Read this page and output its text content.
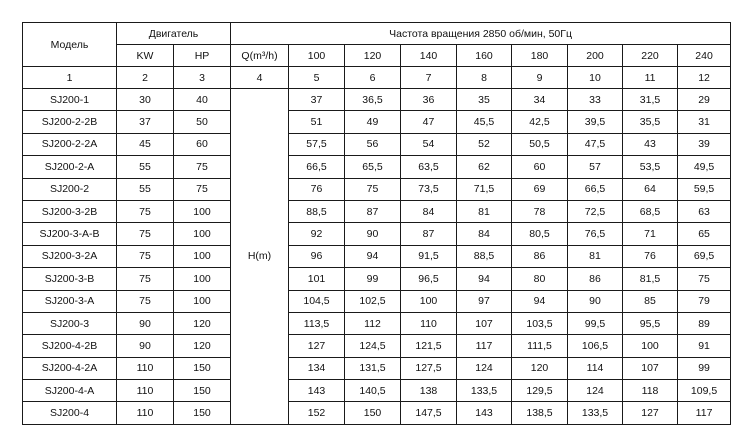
Модель	Двигатель		Частота вращения 2850 об/мин, 50Гц								
	KW	HP	Q(m³/h)	100	120	140	160	180	200	220	240
1	2	3	4	5	6	7	8	9	10	11	12
SJ200-1	30	40	H(m)	37	36,5	36	35	34	33	31,5	29
SJ200-2-2B	37	50		51	49	47	45,5	42,5	39,5	35,5	31
SJ200-2-2A	45	60		57,5	56	54	52	50,5	47,5	43	39
SJ200-2-A	55	75		66,5	65,5	63,5	62	60	57	53,5	49,5
SJ200-2	55	75		76	75	73,5	71,5	69	66,5	64	59,5
SJ200-3-2B	75	100		88,5	87	84	81	78	72,5	68,5	63
SJ200-3-A-B	75	100		92	90	87	84	80,5	76,5	71	65
SJ200-3-2A	75	100		96	94	91,5	88,5	86	81	76	69,5
SJ200-3-B	75	100		101	99	96,5	94	80	86	81,5	75
SJ200-3-A	75	100		104,5	102,5	100	97	94	90	85	79
SJ200-3	90	120		113,5	112	110	107	103,5	99,5	95,5	89
SJ200-4-2B	90	120		127	124,5	121,5	117	111,5	106,5	100	91
SJ200-4-2A	110	150		134	131,5	127,5	124	120	114	107	99
SJ200-4-A	110	150		143	140,5	138	133,5	129,5	124	118	109,5
SJ200-4	110	150		152	150	147,5	143	138,5	133,5	127	117
